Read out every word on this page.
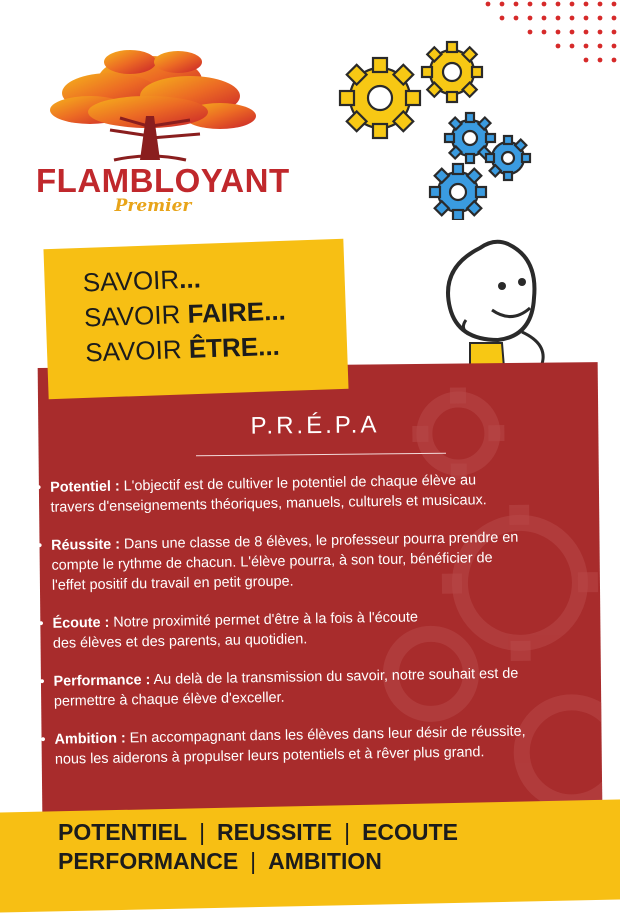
FLAMBLOYANT
Premier
SAVOIR...
SAVOIR FAIRE...
SAVOIR ÊTRE...
P.R.É.P.A
• Potentiel : L'objectif est de cultiver le potentiel de chaque élève au
travers d'enseignements théoriques, manuels, culturels et musicaux.
• Réussite : Dans une classe de 8 élèves, le professeur pourra prendre en
compte le rythme de chacun. L'élève pourra, à son tour, bénéficier de
l'effet positif du travail en petit groupe.
• Écoute : Notre proximité permet d'être à la fois à l'écoute
des élèves et des parents, au quotidien.
• Performance : Au delà de la transmission du savoir, notre souhait est de
permettre à chaque élève d'exceller.
• Ambition : En accompagnant dans les élèves dans leur désir de réussite,
nous les aiderons à propulser leurs potentiels et à rêver plus grand.
POTENTIEL | REUSSITE | ECOUTE
PERFORMANCE | AMBITION
